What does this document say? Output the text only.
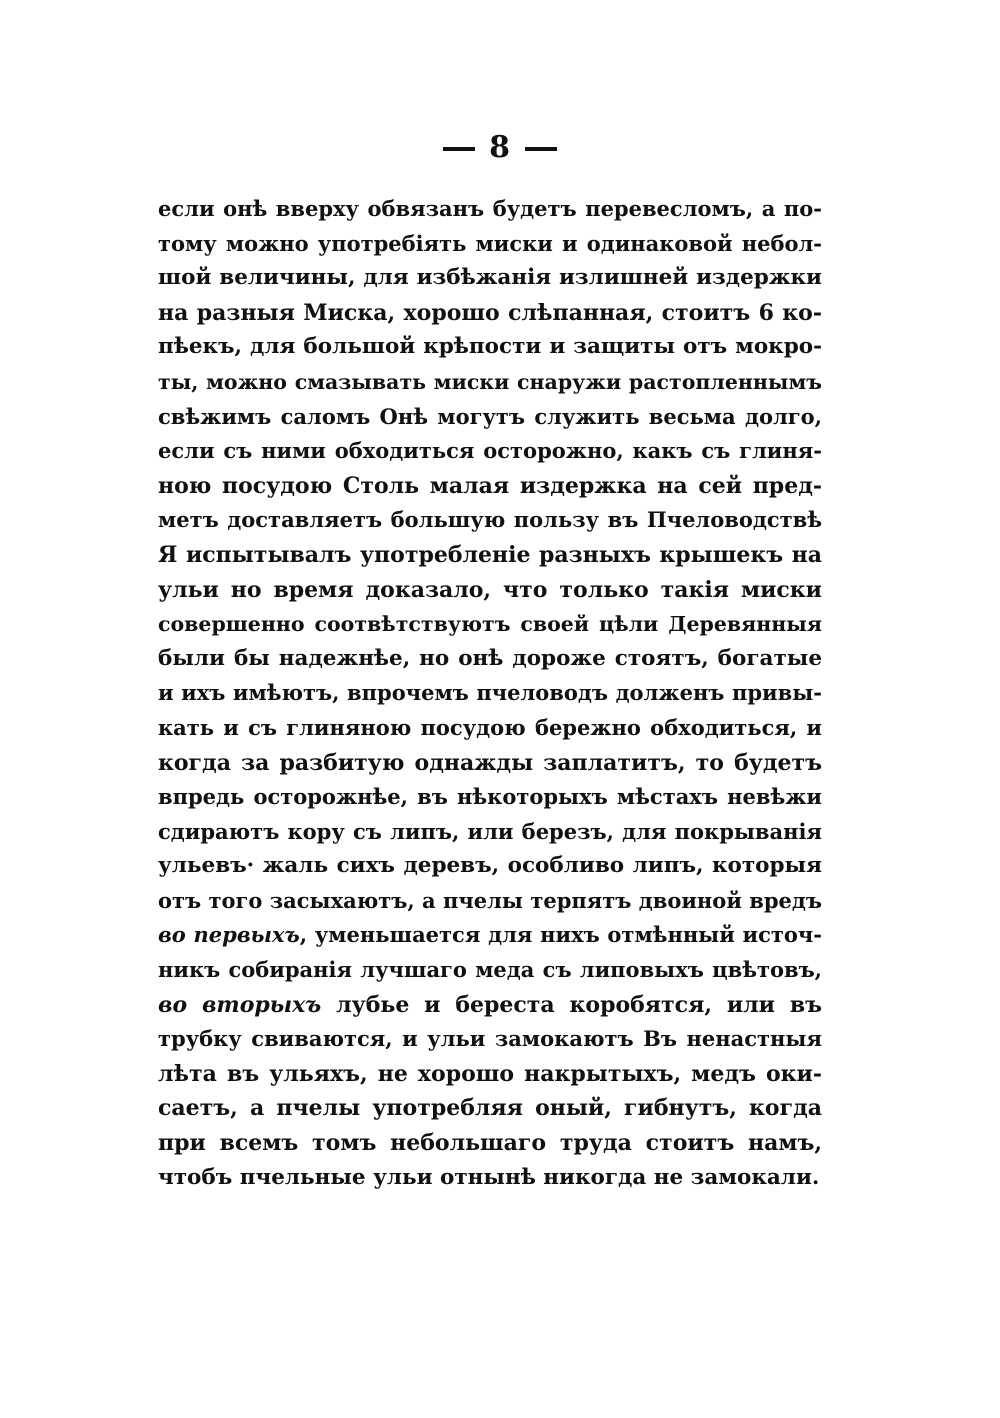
8
если онѣ вверху обвязанъ будетъ перевесломъ, а по-
тому можно употребiять миски и одинаковой небол-
шой величины, для избѣжанія излишней издержки
на разныя Миска, хорошо слѣпанная, стоитъ 6 ко-
пѣекъ, для большой крѣпости и защиты отъ мокро-
ты, можно смазывать миски снаружи растопленнымъ
свѣжимъ саломъ Онѣ могутъ служить весьма долго,
если съ ними обходиться осторожно, какъ съ глиня-
ною посудою Столь малая издержка на сей пред-
метъ доставляетъ большую пользу въ Пчеловодствѣ
Я испытывалъ употребленіе разныхъ крышекъ на
ульи но время доказало, что только такія миски
совершенно соотвѣтствуютъ своей цѣли Деревянныя
были бы надежнѣе, но онѣ дороже стоятъ, богатые
и ихъ имѣютъ, впрочемъ пчеловодъ долженъ привы-
кать и съ глиняною посудою бережно обходиться, и
когда за разбитую однажды заплатитъ, то будетъ
впредь осторожнѣе, въ нѣкоторыхъ мѣстахъ невѣжи
сдираютъ кору съ липъ, или березъ, для покрыванія
ульевъ· жаль сихъ деревъ, особливо липъ, которыя
отъ того засыхаютъ, а пчелы терпятъ двоиной вредъ
во первыхъ, уменьшается для нихъ отмѣнный источ-
никъ собиранія лучшаго меда съ липовыхъ цвѣтовъ,
во вторыхъ лубье и береста коробятся, или въ
трубку свиваются, и ульи замокаютъ Въ ненастныя
лѣта въ ульяхъ, не хорошо накрытыхъ, медъ оки-
саетъ, а пчелы употребляя оный, гибнутъ, когда
при всемъ томъ небольшаго труда стоитъ намъ,
чтобъ пчельные ульи отнынѣ никогда не замокали.
